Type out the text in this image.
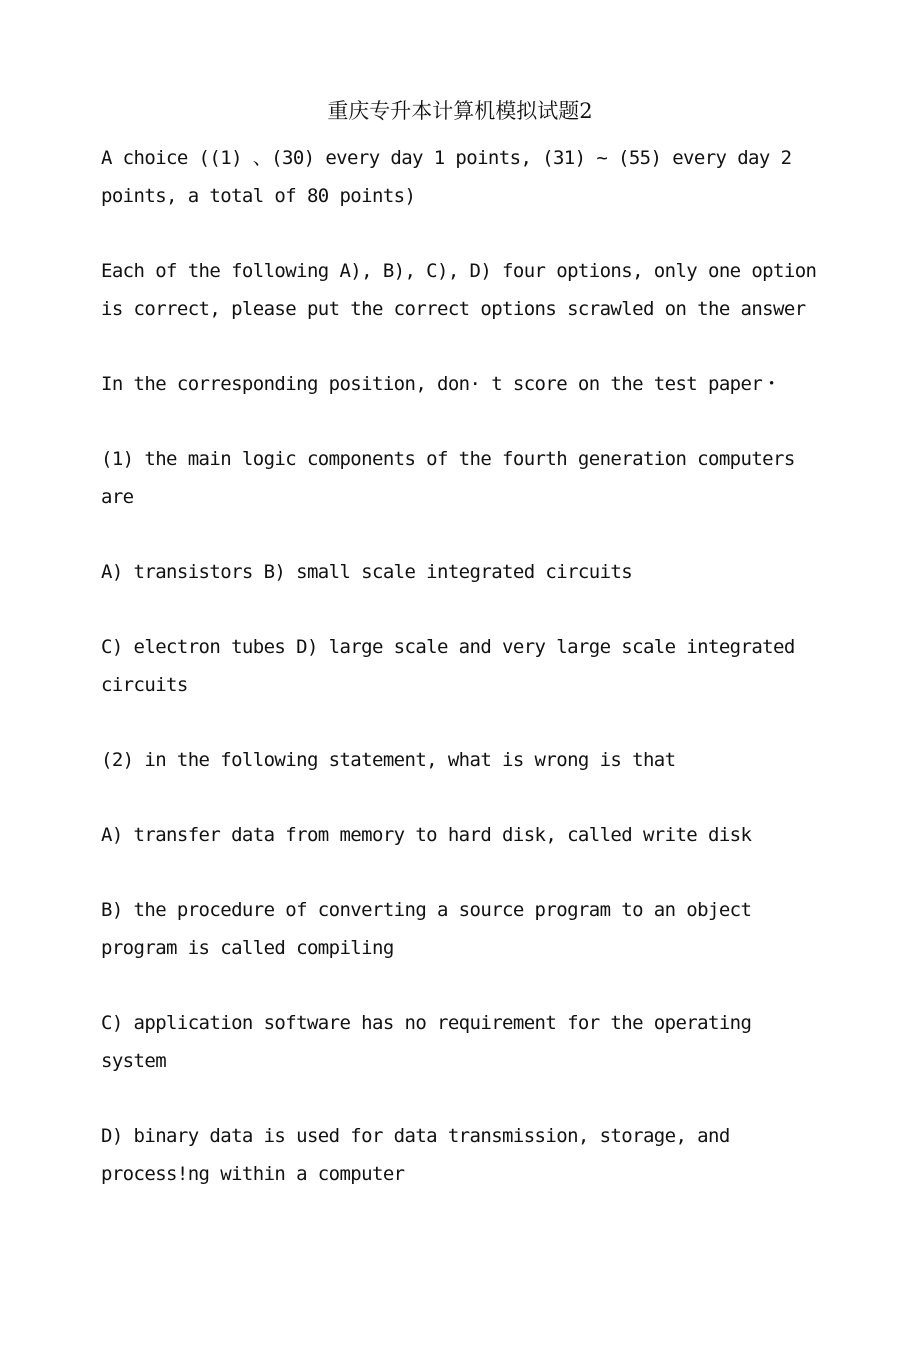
重庆专升本计算机模拟试题2

A choice ((1) 、(30) every day 1 points, (31) ~ (55) every day 2
points, a total of 80 points)

Each of the following A), B), C), D) four options, only one option
is correct, please put the correct options scrawled on the answer

In the corresponding position, don· t score on the test paper・

(1) the main logic components of the fourth generation computers
are

A) transistors B) small scale integrated circuits

C) electron tubes D) large scale and very large scale integrated
circuits

(2) in the following statement, what is wrong is that

A) transfer data from memory to hard disk, called write disk

B) the procedure of converting a source program to an object
program is called compiling

C) application software has no requirement for the operating
system

D) binary data is used for data transmission, storage, and
process!ng within a computer
